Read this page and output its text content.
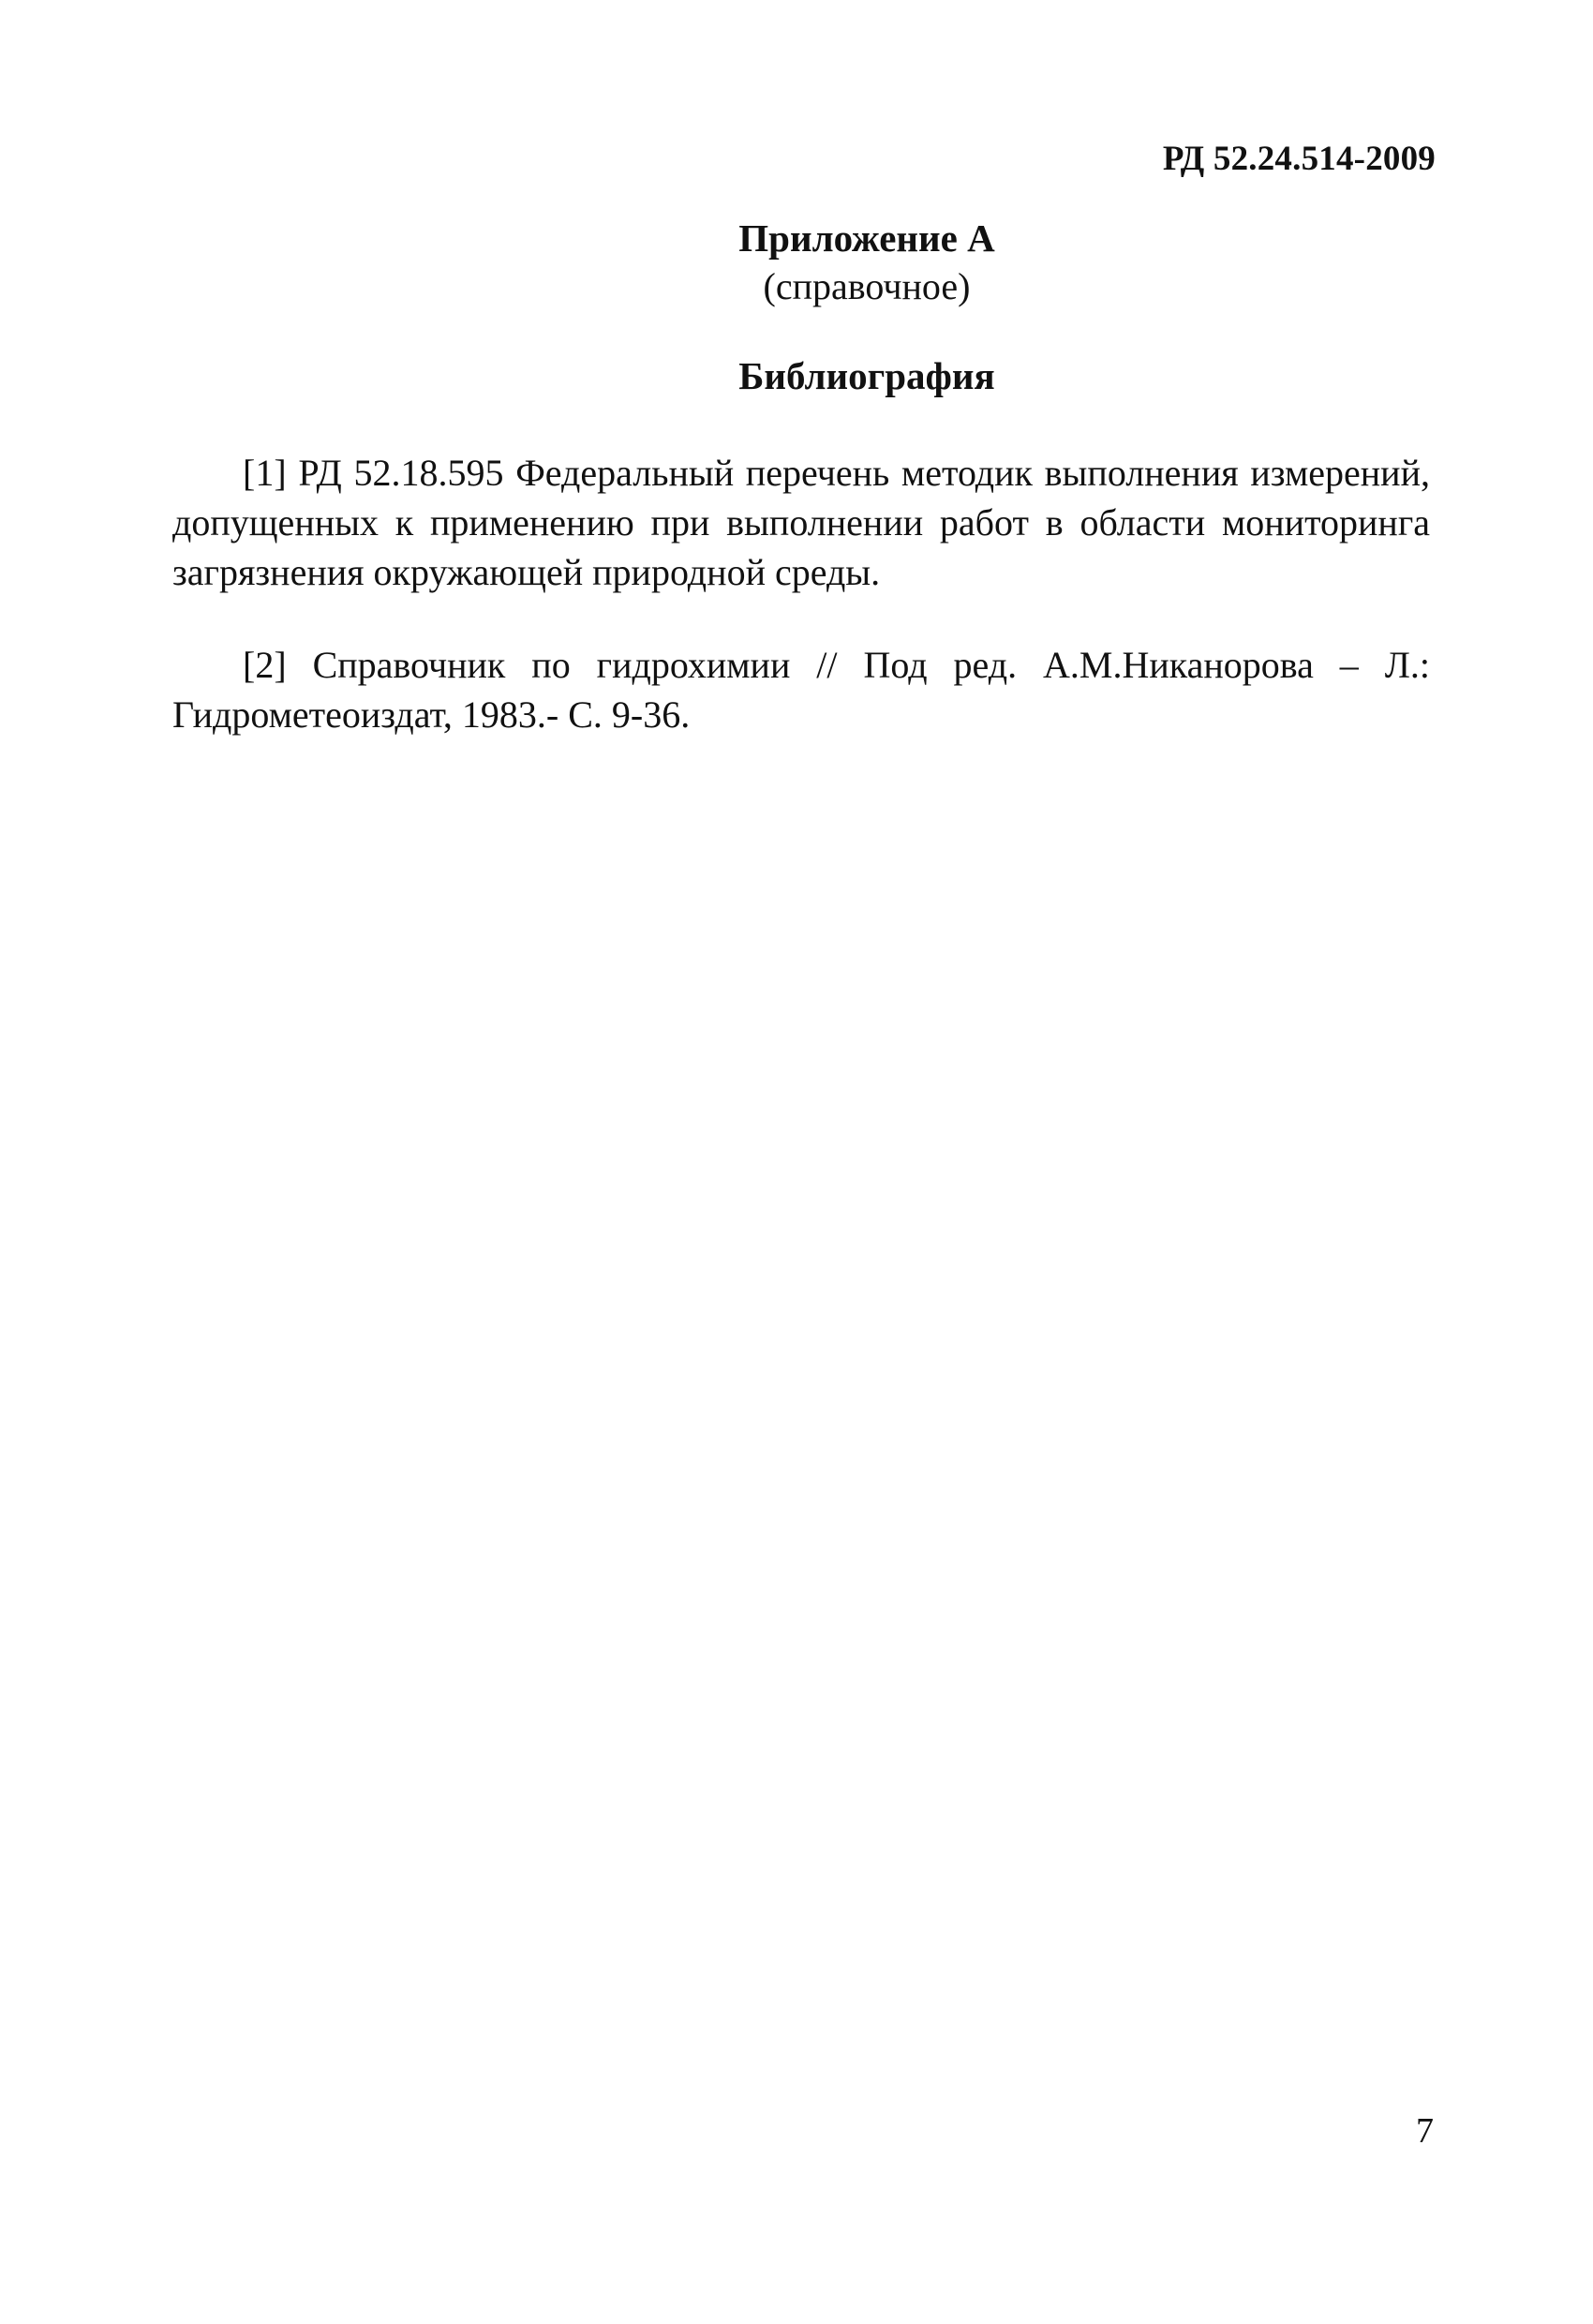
РД 52.24.514-2009
Приложение А
(справочное)
Библиография

[1] РД 52.18.595 Федеральный перечень методик выполнения измерений, допущенных к применению при выполнении работ в области мониторинга загрязнения окружающей природной среды.

[2] Справочник по гидрохимии // Под ред. А.М.Никанорова – Л.: Гидрометеоиздат, 1983.- С. 9-36.

7
